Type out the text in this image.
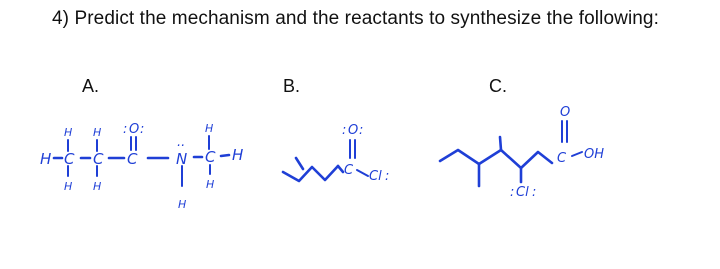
4) Predict the mechanism and the reactants to synthesize the following:
A.	B.	C.
H C C C	N C H
H H : O :
..
H
H H
H
H
: O :
C Cl :
: Cl :
O
C OH
